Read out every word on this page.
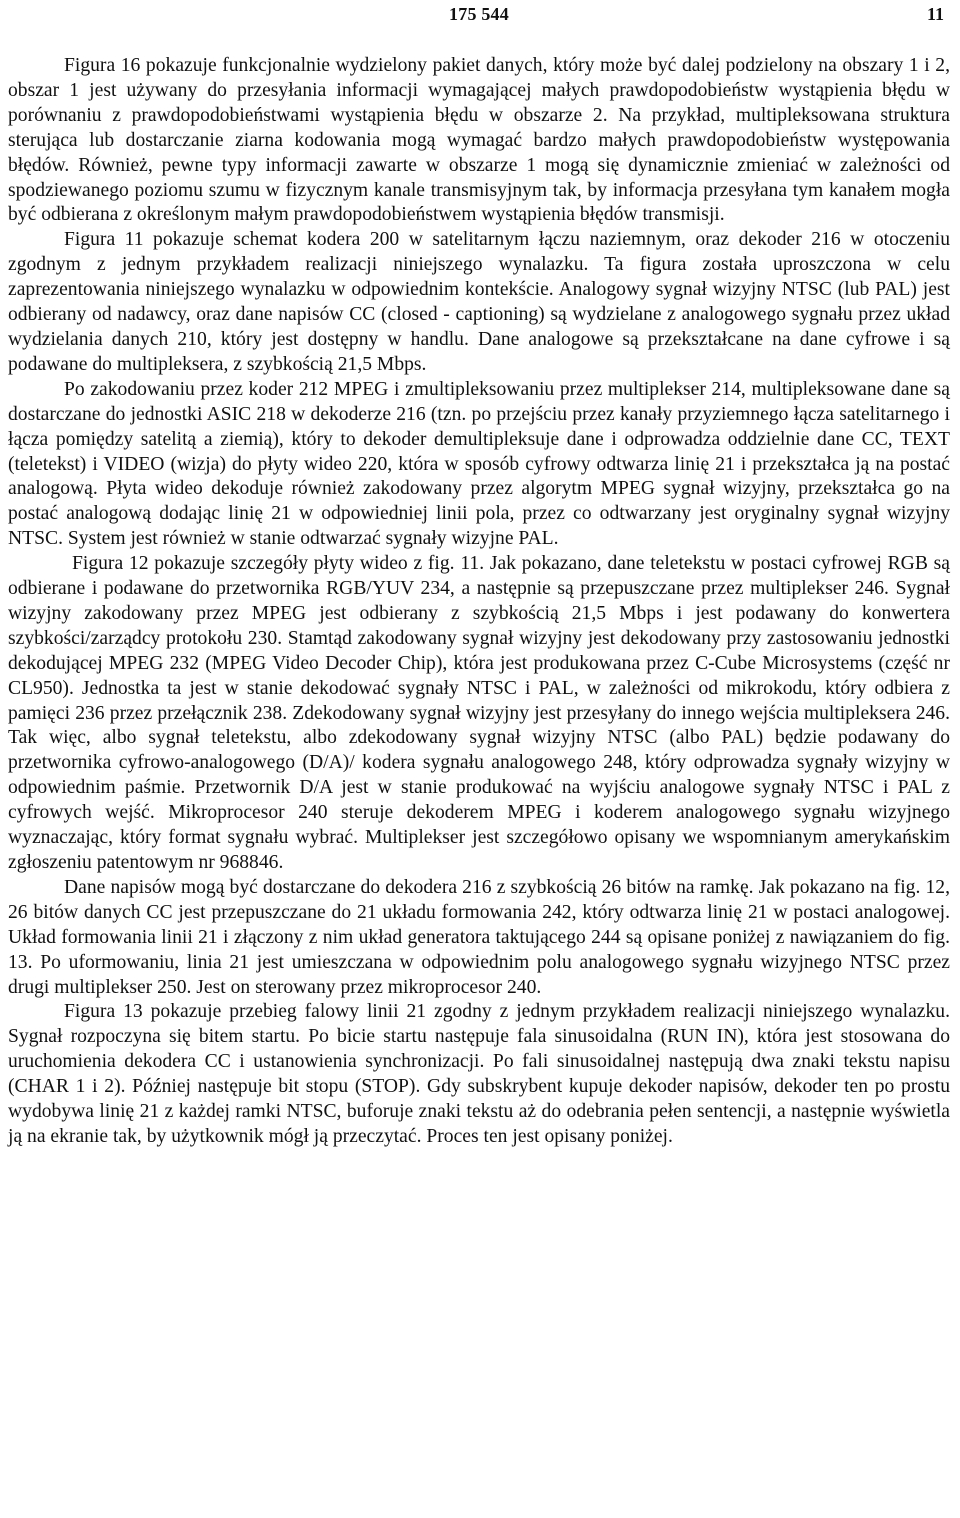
175 544	11

Figura 16 pokazuje funkcjonalnie wydzielony pakiet danych, który może być dalej podzielony na obszary 1 i 2, obszar 1 jest używany do przesyłania informacji wymagającej małych prawdopodobieństw wystąpienia błędu w porównaniu z prawdopodobieństwami wystąpienia błędu w obszarze 2. Na przykład, multipleksowana struktura sterująca lub dostarczanie ziarna kodowania mogą wymagać bardzo małych prawdopodobieństw występowania błędów. Również, pewne typy informacji zawarte w obszarze 1 mogą się dynamicznie zmieniać w zależności od spodziewanego poziomu szumu w fizycznym kanale transmisyjnym tak, by informacja przesyłana tym kanałem mogła być odbierana z określonym małym prawdopodobieństwem wystąpienia błędów transmisji.

Figura 11 pokazuje schemat kodera 200 w satelitarnym łączu naziemnym, oraz dekoder 216 w otoczeniu zgodnym z jednym przykładem realizacji niniejszego wynalazku. Ta figura została uproszczona w celu zaprezentowania niniejszego wynalazku w odpowiednim kontekście. Analogowy sygnał wizyjny NTSC (lub PAL) jest odbierany od nadawcy, oraz dane napisów CC (closed - captioning) są wydzielane z analogowego sygnału przez układ wydzielania danych 210, który jest dostępny w handlu. Dane analogowe są przekształcane na dane cyfrowe i są podawane do multipleksera, z szybkością 21,5 Mbps.

Po zakodowaniu przez koder 212 MPEG i zmultipleksowaniu przez multiplekser 214, multipleksowane dane są dostarczane do jednostki ASIC 218 w dekoderze 216 (tzn. po przejściu przez kanały przyziemnego łącza satelitarnego i łącza pomiędzy satelitą a ziemią), który to dekoder demultipleksuje dane i odprowadza oddzielnie dane CC, TEXT (teletekst) i VIDEO (wizja) do płyty wideo 220, która w sposób cyfrowy odtwarza linię 21 i przekształca ją na postać analogową. Płyta wideo dekoduje również zakodowany przez algorytm MPEG sygnał wizyjny, przekształca go na postać analogową dodając linię 21 w odpowiedniej linii pola, przez co odtwarzany jest oryginalny sygnał wizyjny NTSC. System jest również w stanie odtwarzać sygnały wizyjne PAL.

Figura 12 pokazuje szczegóły płyty wideo z fig. 11. Jak pokazano, dane teletekstu w postaci cyfrowej RGB są odbierane i podawane do przetwornika RGB/YUV 234, a następnie są przepuszczane przez multiplekser 246. Sygnał wizyjny zakodowany przez MPEG jest odbierany z szybkością 21,5 Mbps i jest podawany do konwertera szybkości/zarządcy protokołu 230. Stamtąd zakodowany sygnał wizyjny jest dekodowany przy zastosowaniu jednostki dekodującej MPEG 232 (MPEG Video Decoder Chip), która jest produkowana przez C-Cube Microsystems (część nr CL950). Jednostka ta jest w stanie dekodować sygnały NTSC i PAL, w zależności od mikrokodu, który odbiera z pamięci 236 przez przełącznik 238. Zdekodowany sygnał wizyjny jest przesyłany do innego wejścia multipleksera 246. Tak więc, albo sygnał teletekstu, albo zdekodowany sygnał wizyjny NTSC (albo PAL) będzie podawany do przetwornika cyfrowo-analogowego (D/A)/ kodera sygnału analogowego 248, który odprowadza sygnały wizyjny w odpowiednim paśmie. Przetwornik D/A jest w stanie produkować na wyjściu analogowe sygnały NTSC i PAL z cyfrowych wejść. Mikroprocesor 240 steruje dekoderem MPEG i koderem analogowego sygnału wizyjnego wyznaczając, który format sygnału wybrać. Multiplekser jest szczegółowo opisany we wspomnianym amerykańskim zgłoszeniu patentowym nr 968846.

Dane napisów mogą być dostarczane do dekodera 216 z szybkością 26 bitów na ramkę. Jak pokazano na fig. 12, 26 bitów danych CC jest przepuszczane do 21 układu formowania 242, który odtwarza linię 21 w postaci analogowej. Układ formowania linii 21 i złączony z nim układ generatora taktującego 244 są opisane poniżej z nawiązaniem do fig. 13. Po uformowaniu, linia 21 jest umieszczana w odpowiednim polu analogowego sygnału wizyjnego NTSC przez drugi multiplekser 250. Jest on sterowany przez mikroprocesor 240.

Figura 13 pokazuje przebieg falowy linii 21 zgodny z jednym przykładem realizacji niniejszego wynalazku. Sygnał rozpoczyna się bitem startu. Po bicie startu następuje fala sinusoidalna (RUN IN), która jest stosowana do uruchomienia dekodera CC i ustanowienia synchronizacji. Po fali sinusoidalnej następują dwa znaki tekstu napisu (CHAR 1 i 2). Później następuje bit stopu (STOP). Gdy subskrybent kupuje dekoder napisów, dekoder ten po prostu wydobywa linię 21 z każdej ramki NTSC, buforuje znaki tekstu aż do odebrania pełen sentencji, a następnie wyświetla ją na ekranie tak, by użytkownik mógł ją przeczytać. Proces ten jest opisany poniżej.
